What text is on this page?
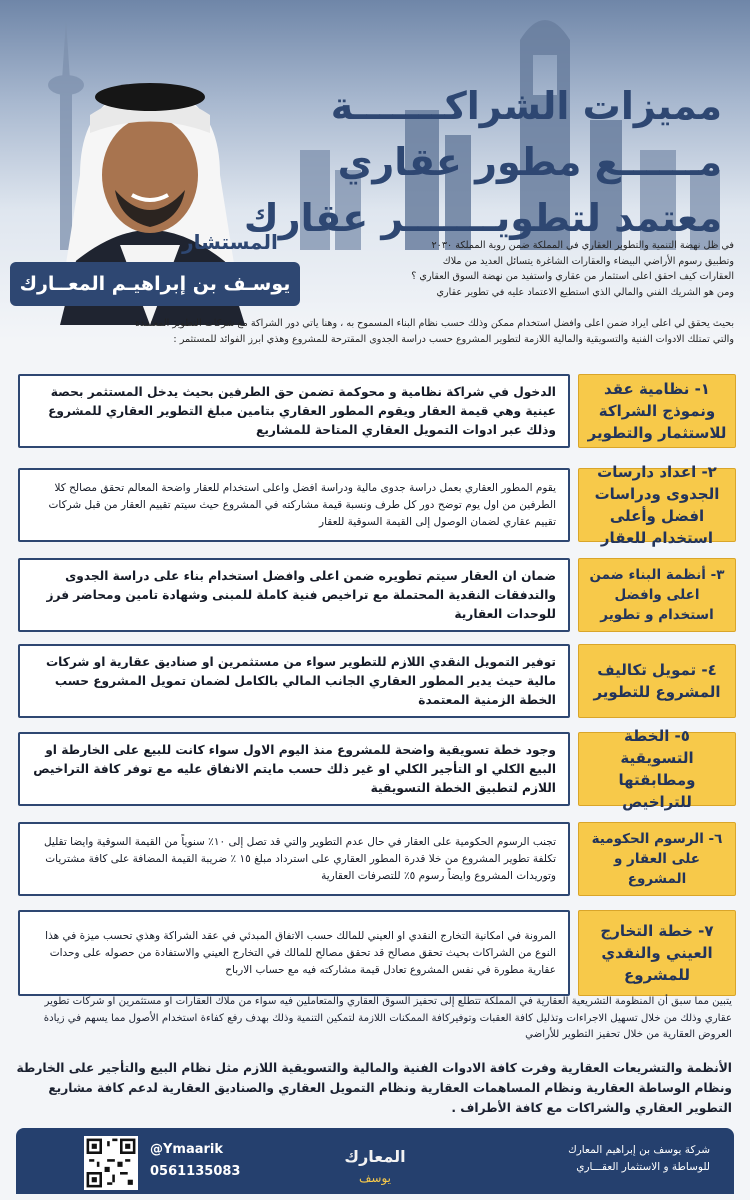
مميزات الشراكـــــــة
مــــــع مطور عقاري
معتمد لتطويـــــــر عقارك
المستشار
يوسـف بن إبراهيـم المعــارك
في ظل نهضة التنمية والتطوير العقاري في المملكة ضمن روية المملكة ٢٠٣٠
وتطبيق رسوم الأراضي البيضاء والعقارات الشاغرة يتسائل العديد من ملاك
العقارات كيف احقق اعلى استثمار من عقاري واستفيد من نهضة السوق العقاري ؟
ومن هو الشريك الفني والمالي الذي استطيع الاعتماد عليه في تطوير عقاري
بحيث يحقق لي اعلى ايراد ضمن اعلى وافضل استخدام ممكن وذلك حسب نظام البناء المسموح به ، وهنا ياتي دور الشراكة مع شركات التطوير المعتمدة
والتي تمتلك الادوات الفنية والتسويقية والمالية اللازمة لتطوير المشروع حسب دراسة الجدوى المقترحة للمشروع وهذي ابرز الفوائد للمستثمر :
١- نظامية عقد ونموذج الشراكة للاستثمار والتطوير
الدخول في شراكة نظامية و محوكمة تضمن حق الطرفين بحيث يدخل المستثمر بحصة عينية وهي قيمة العقار ويقوم المطور العقاري بتامين مبلغ التطوير العقاري للمشروع وذلك عبر ادوات التمويل العقاري المتاحة للمشاريع
٢- اعداد دارسات الجدوى ودراسات افضل وأعلى استخدام للعقار
يقوم المطور العقاري بعمل دراسة جدوى مالية ودراسة افضل واعلى استخدام للعقار واضحة المعالم تحقق مصالح كلا الطرفين من اول يوم توضح دور كل طرف ونسبة قيمة مشاركته في المشروع حيث سيتم تقييم العقار من قبل شركات تقييم عقاري لضمان الوصول إلى القيمة السوقية للعقار
٣- أنظمة البناء ضمن اعلى وافضل استخدام و تطوير
ضمان ان العقار سيتم تطويره ضمن اعلى وافضل استخدام بناء على دراسة الجدوى والتدفقات النقدية المحتملة مع تراخيص فنية كاملة للمبنى وشهادة تامين ومحاضر فرز للوحدات العقارية
٤- تمويل تكاليف المشروع للتطوير
توفير التمويل النقدي اللازم للتطوير سواء من مستثمرين او صناديق عقارية او شركات مالية حيث يدير المطور العقاري الجانب المالي بالكامل لضمان تمويل المشروع حسب الخطة الزمنية المعتمدة
٥- الخطة التسويقية ومطابقتها للتراخيص
وجود خطة تسويقية واضحة للمشروع منذ اليوم الاول سواء كانت للبيع على الخارطة او البيع الكلي او التأجير الكلي او غير ذلك حسب مايتم الانفاق عليه مع توفر كافة التراخيص اللازم لتطبيق الخطة التسويقية
٦- الرسوم الحكومية على العقار و المشروع
تجنب الرسوم الحكومية على العقار في حال عدم التطوير والتي قد تصل إلى ١٠٪ سنوياً من القيمة السوقية وايضا تقليل تكلفة تطوير المشروع من خلا قدرة المطور العقاري على استرداد مبلغ ١٥ ٪ ضريبة القيمة المضافة على كافة مشتريات وتوريدات المشروع وايضاً رسوم ٥٪ للتصرفات العقارية
٧- خطة التخارج العيني والنقدي للمشروع
المرونة في امكانية التخارج النقدي او العيني للمالك حسب الاتفاق المبدئي في عقد الشراكة وهذي تحسب ميزة في هذا النوع من الشراكات بحيث تحقق مصالح قد تحقق مصالح للمالك في التخارج العيني والاستفادة من حصوله على وحدات عقارية مطورة في نفس المشروع تعادل قيمة مشاركته فيه مع حساب الارباح
يتبين مما سبق أن المنظومة التشريعية العقارية في المملكة تتطلع إلى تحفيز السوق العقاري والمتعاملين فيه سواء من ملاك العقارات او مستثمرين او شركات تطوير عقاري وذلك من خلال تسهيل الاجراءات وتذليل كافة العقبات وتوفيركافة الممكنات اللازمة لتمكين التنمية وذلك بهدف رفع كفاءة استخدام الأصول مما يسهم في زيادة العروض العقارية من خلال تحفيز التطوير للأراضي
الأنظمة والتشريعات العقارية وفرت كافة الادوات الفنية والمالية والتسويقية اللازم مثل نظام البيع والتأجير على الخارطة ونظام الوساطة العقارية ونظام المساهمات العقارية ونظام التمويل العقاري والصناديق العقارية لدعم كافة مشاريع التطوير العقاري والشراكات مع كافة الأطراف .
@Ymaarik
0561135083
المعارك
يوسف
شركة يوسف بن إبراهيم المعارك
للوساطة و الاستثمار العقـــاري
